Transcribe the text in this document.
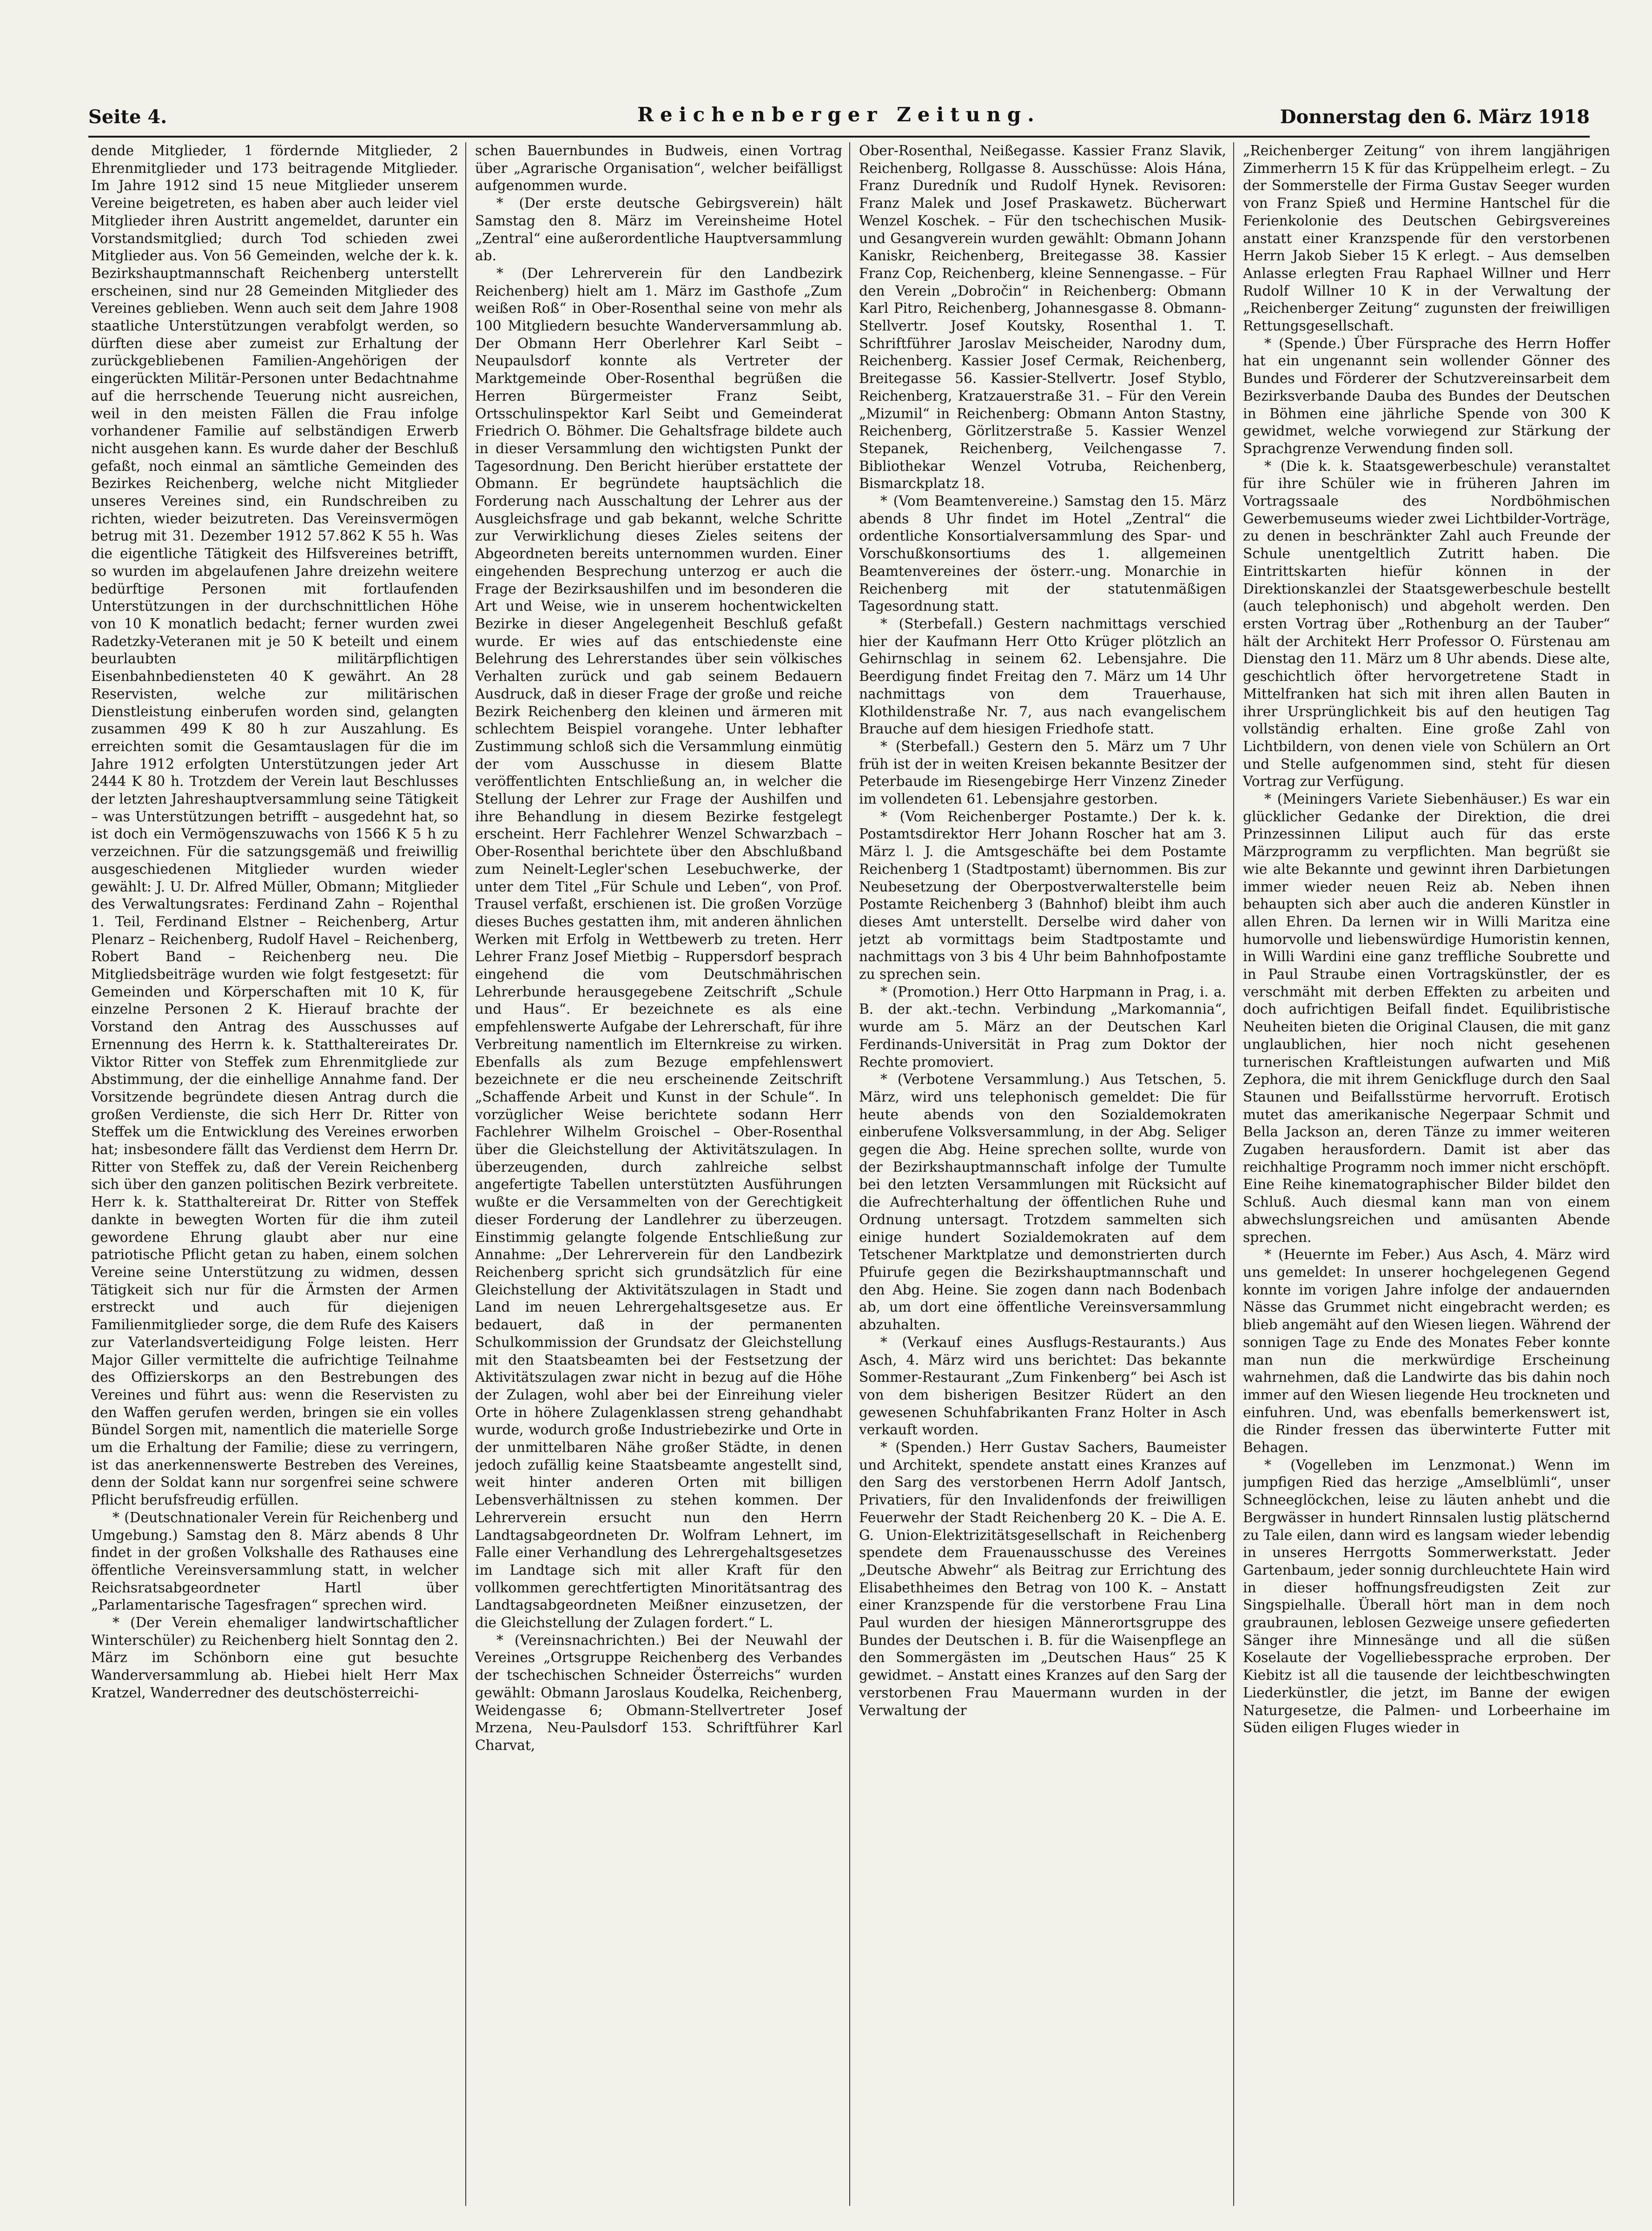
Seite 4.	Reichenberger Zeitung.	Donnerstag den 6. März 1918

dende Mitglieder, 1 fördernde Mitglieder, 2 Ehrenmitglieder und 173 beitragende Mitglieder. Im Jahre 1912 sind 15 neue Mitglieder unserem Vereine beigetreten, es haben aber auch leider viel Mitglieder ihren Austritt angemeldet, darunter ein Vorstandsmitglied; durch Tod schieden zwei Mitglieder aus. Von 56 Gemeinden, welche der k. k. Bezirkshauptmannschaft Reichenberg unterstellt erscheinen, sind nur 28 Gemeinden Mitglieder des Vereines geblieben. Wenn auch seit dem Jahre 1908 staatliche Unterstützungen verabfolgt werden, so dürften diese aber zumeist zur Erhaltung der zurückgebliebenen Familien-Angehörigen der eingerückten Militär-Personen unter Bedachtnahme auf die herrschende Teuerung nicht ausreichen, weil in den meisten Fällen die Frau infolge vorhandener Familie auf selbständigen Erwerb nicht ausgehen kann. Es wurde daher der Beschluß gefaßt, noch einmal an sämtliche Gemeinden des Bezirkes Reichenberg, welche nicht Mitglieder unseres Vereines sind, ein Rundschreiben zu richten, wieder beizutreten. Das Vereinsvermögen betrug mit 31. Dezember 1912 57.862 K 55 h. Was die eigentliche Tätigkeit des Hilfsvereines betrifft, so wurden im abgelaufenen Jahre dreizehn weitere bedürftige Personen mit fortlaufenden Unterstützungen in der durchschnittlichen Höhe von 10 K monatlich bedacht; ferner wurden zwei Radetzky-Veteranen mit je 50 K beteilt und einem beurlaubten militärpflichtigen Eisenbahnbediensteten 40 K gewährt. An 28 Reservisten, welche zur militärischen Dienstleistung einberufen worden sind, gelangten zusammen 499 K 80 h zur Auszahlung. Es erreichten somit die Gesamtauslagen für die im Jahre 1912 erfolgten Unterstützungen jeder Art 2444 K 80 h. Trotzdem der Verein laut Beschlusses der letzten Jahreshauptversammlung seine Tätigkeit – was Unterstützungen betrifft – ausgedehnt hat, so ist doch ein Vermögenszuwachs von 1566 K 5 h zu verzeichnen. Für die satzungsgemäß und freiwillig ausgeschiedenen Mitglieder wurden wieder gewählt: J. U. Dr. Alfred Müller, Obmann; Mitglieder des Verwaltungsrates: Ferdinand Zahn – Rojenthal 1. Teil, Ferdinand Elstner – Reichenberg, Artur Plenarz – Reichenberg, Rudolf Havel – Reichenberg, Robert Band – Reichenberg neu. Die Mitgliedsbeiträge wurden wie folgt festgesetzt: für Gemeinden und Körperschaften mit 10 K, für einzelne Personen 2 K. Hierauf brachte der Vorstand den Antrag des Ausschusses auf Ernennung des Herrn k. k. Statthaltereirates Dr. Viktor Ritter von Steffek zum Ehrenmitgliede zur Abstimmung, der die einhellige Annahme fand. Der Vorsitzende begründete diesen Antrag durch die großen Verdienste, die sich Herr Dr. Ritter von Steffek um die Entwicklung des Vereines erworben hat; insbesondere fällt das Verdienst dem Herrn Dr. Ritter von Steffek zu, daß der Verein Reichenberg sich über den ganzen politischen Bezirk verbreitete. Herr k. k. Statthaltereirat Dr. Ritter von Steffek dankte in bewegten Worten für die ihm zuteil gewordene Ehrung glaubt aber nur eine patriotische Pflicht getan zu haben, einem solchen Vereine seine Unterstützung zu widmen, dessen Tätigkeit sich nur für die Ärmsten der Armen erstreckt und auch für diejenigen Familienmitglieder sorge, die dem Rufe des Kaisers zur Vaterlandsverteidigung Folge leisten. Herr Major Giller vermittelte die aufrichtige Teilnahme des Offizierskorps an den Bestrebungen des Vereines und führt aus: wenn die Reservisten zu den Waffen gerufen werden, bringen sie ein volles Bündel Sorgen mit, namentlich die materielle Sorge um die Erhaltung der Familie; diese zu verringern, ist das anerkennenswerte Bestreben des Vereines, denn der Soldat kann nur sorgenfrei seine schwere Pflicht berufsfreudig erfüllen.

* (Deutschnationaler Verein für Reichenberg und Umgebung.) Samstag den 8. März abends 8 Uhr findet in der großen Volkshalle des Rathauses eine öffentliche Vereinsversammlung statt, in welcher Reichsratsabgeordneter Hartl über „Parlamentarische Tagesfragen“ sprechen wird.

* (Der Verein ehemaliger landwirtschaftlicher Winterschüler) zu Reichenberg hielt Sonntag den 2. März im Schönborn eine gut besuchte Wanderversammlung ab. Hiebei hielt Herr Max Kratzel, Wanderredner des deutschösterreichi-

schen Bauernbundes in Budweis, einen Vortrag über „Agrarische Organisation“, welcher beifälligst aufgenommen wurde.

* (Der erste deutsche Gebirgsverein) hält Samstag den 8. März im Vereinsheime Hotel „Zentral“ eine außerordentliche Hauptversammlung ab.

* (Der Lehrerverein für den Landbezirk Reichenberg) hielt am 1. März im Gasthofe „Zum weißen Roß“ in Ober-Rosenthal seine von mehr als 100 Mitgliedern besuchte Wanderversammlung ab. Der Obmann Herr Oberlehrer Karl Seibt – Neupaulsdorf konnte als Vertreter der Marktgemeinde Ober-Rosenthal begrüßen die Herren Bürgermeister Franz Seibt, Ortsschulinspektor Karl Seibt und Gemeinderat Friedrich O. Böhmer. Die Gehaltsfrage bildete auch in dieser Versammlung den wichtigsten Punkt der Tagesordnung. Den Bericht hierüber erstattete der Obmann. Er begründete hauptsächlich die Forderung nach Ausschaltung der Lehrer aus der Ausgleichsfrage und gab bekannt, welche Schritte zur Verwirklichung dieses Zieles seitens der Abgeordneten bereits unternommen wurden. Einer eingehenden Besprechung unterzog er auch die Frage der Bezirksaushilfen und im besonderen die Art und Weise, wie in unserem hochentwickelten Bezirke in dieser Angelegenheit Beschluß gefaßt wurde. Er wies auf das entschiedenste eine Belehrung des Lehrerstandes über sein völkisches Verhalten zurück und gab seinem Bedauern Ausdruck, daß in dieser Frage der große und reiche Bezirk Reichenberg den kleinen und ärmeren mit schlechtem Beispiel vorangehe. Unter lebhafter Zustimmung schloß sich die Versammlung einmütig der vom Ausschusse in diesem Blatte veröffentlichten Entschließung an, in welcher die Stellung der Lehrer zur Frage der Aushilfen und ihre Behandlung in diesem Bezirke festgelegt erscheint. Herr Fachlehrer Wenzel Schwarzbach – Ober-Rosenthal berichtete über den Abschlußband zum Neinelt-Legler'schen Lesebuchwerke, der unter dem Titel „Für Schule und Leben“, von Prof. Trausel verfaßt, erschienen ist. Die großen Vorzüge dieses Buches gestatten ihm, mit anderen ähnlichen Werken mit Erfolg in Wettbewerb zu treten. Herr Lehrer Franz Josef Mietbig – Ruppersdorf besprach eingehend die vom Deutschmährischen Lehrerbunde herausgegebene Zeitschrift „Schule und Haus“. Er bezeichnete es als eine empfehlenswerte Aufgabe der Lehrerschaft, für ihre Verbreitung namentlich im Elternkreise zu wirken. Ebenfalls als zum Bezuge empfehlenswert bezeichnete er die neu erscheinende Zeitschrift „Schaffende Arbeit und Kunst in der Schule“. In vorzüglicher Weise berichtete sodann Herr Fachlehrer Wilhelm Groischel – Ober-Rosenthal über die Gleichstellung der Aktivitätszulagen. In überzeugenden, durch zahlreiche selbst angefertigte Tabellen unterstützten Ausführungen wußte er die Versammelten von der Gerechtigkeit dieser Forderung der Landlehrer zu überzeugen. Einstimmig gelangte folgende Entschließung zur Annahme: „Der Lehrerverein für den Landbezirk Reichenberg spricht sich grundsätzlich für eine Gleichstellung der Aktivitätszulagen in Stadt und Land im neuen Lehrergehaltsgesetze aus. Er bedauert, daß in der permanenten Schulkommission der Grundsatz der Gleichstellung mit den Staatsbeamten bei der Festsetzung der Aktivitätszulagen zwar nicht in bezug auf die Höhe der Zulagen, wohl aber bei der Einreihung vieler Orte in höhere Zulagenklassen streng gehandhabt wurde, wodurch große Industriebezirke und Orte in der unmittelbaren Nähe großer Städte, in denen jedoch zufällig keine Staatsbeamte angestellt sind, weit hinter anderen Orten mit billigen Lebensverhältnissen zu stehen kommen. Der Lehrerverein ersucht nun den Herrn Landtagsabgeordneten Dr. Wolfram Lehnert, im Falle einer Verhandlung des Lehrergehaltsgesetzes im Landtage sich mit aller Kraft für den vollkommen gerechtfertigten Minoritätsantrag des Landtagsabgeordneten Meißner einzusetzen, der die Gleichstellung der Zulagen fordert.“ L.

* (Vereinsnachrichten.) Bei der Neuwahl der Vereines „Ortsgruppe Reichenberg des Verbandes der tschechischen Schneider Österreichs“ wurden gewählt: Obmann Jaroslaus Koudelka, Reichenberg, Weidengasse 6; Obmann-Stellvertreter Josef Mrzena, Neu-Paulsdorf 153. Schriftführer Karl Charvat,

Ober-Rosenthal, Neißegasse. Kassier Franz Slavik, Reichenberg, Rollgasse 8. Ausschüsse: Alois Hána, Franz Duredník und Rudolf Hynek. Revisoren: Franz Malek und Josef Praskawetz. Bücherwart Wenzel Koschek. – Für den tschechischen Musik- und Gesangverein wurden gewählt: Obmann Johann Kaniskr, Reichenberg, Breitegasse 38. Kassier Franz Cop, Reichenberg, kleine Sennengasse. – Für den Verein „Dobročin“ in Reichenberg: Obmann Karl Pitro, Reichenberg, Johannesgasse 8. Obmann-Stellvertr. Josef Koutsky, Rosenthal 1. T. Schriftführer Jaroslav Meischeider, Narodny dum, Reichenberg. Kassier Josef Cermak, Reichenberg, Breitegasse 56. Kassier-Stellvertr. Josef Styblo, Reichenberg, Kratzauerstraße 31. – Für den Verein „Mizumil“ in Reichenberg: Obmann Anton Stastny, Reichenberg, Görlitzerstraße 5. Kassier Wenzel Stepanek, Reichenberg, Veilchengasse 7. Bibliothekar Wenzel Votruba, Reichenberg, Bismarckplatz 18.

* (Vom Beamtenvereine.) Samstag den 15. März abends 8 Uhr findet im Hotel „Zentral“ die ordentliche Konsortialversammlung des Spar- und Vorschußkonsortiums des 1. allgemeinen Beamtenvereines der österr.-ung. Monarchie in Reichenberg mit der statutenmäßigen Tagesordnung statt.

* (Sterbefall.) Gestern nachmittags verschied hier der Kaufmann Herr Otto Krüger plötzlich an Gehirnschlag in seinem 62. Lebensjahre. Die Beerdigung findet Freitag den 7. März um 14 Uhr nachmittags von dem Trauerhause, Klothildenstraße Nr. 7, aus nach evangelischem Brauche auf dem hiesigen Friedhofe statt.

* (Sterbefall.) Gestern den 5. März um 7 Uhr früh ist der in weiten Kreisen bekannte Besitzer der Peterbaude im Riesengebirge Herr Vinzenz Zineder im vollendeten 61. Lebensjahre gestorben.

* (Vom Reichenberger Postamte.) Der k. k. Postamtsdirektor Herr Johann Roscher hat am 3. März l. J. die Amtsgeschäfte bei dem Postamte Reichenberg 1 (Stadtpostamt) übernommen. Bis zur Neubesetzung der Oberpostverwalterstelle beim Postamte Reichenberg 3 (Bahnhof) bleibt ihm auch dieses Amt unterstellt. Derselbe wird daher von jetzt ab vormittags beim Stadtpostamte und nachmittags von 3 bis 4 Uhr beim Bahnhofpostamte zu sprechen sein.

* (Promotion.) Herr Otto Harpmann in Prag, i. a. B. der akt.-techn. Verbindung „Markomannia“, wurde am 5. März an der Deutschen Karl Ferdinands-Universität in Prag zum Doktor der Rechte promoviert.

* (Verbotene Versammlung.) Aus Tetschen, 5. März, wird uns telephonisch gemeldet: Die für heute abends von den Sozialdemokraten einberufene Volksversammlung, in der Abg. Seliger gegen die Abg. Heine sprechen sollte, wurde von der Bezirkshauptmannschaft infolge der Tumulte bei den letzten Versammlungen mit Rücksicht auf die Aufrechterhaltung der öffentlichen Ruhe und Ordnung untersagt. Trotzdem sammelten sich einige hundert Sozialdemokraten auf dem Tetschener Marktplatze und demonstrierten durch Pfuirufe gegen die Bezirkshauptmannschaft und den Abg. Heine. Sie zogen dann nach Bodenbach ab, um dort eine öffentliche Vereinsversammlung abzuhalten.

* (Verkauf eines Ausflugs-Restaurants.) Aus Asch, 4. März wird uns berichtet: Das bekannte Sommer-Restaurant „Zum Finkenberg“ bei Asch ist von dem bisherigen Besitzer Rüdert an den gewesenen Schuhfabrikanten Franz Holter in Asch verkauft worden.

* (Spenden.) Herr Gustav Sachers, Baumeister und Architekt, spendete anstatt eines Kranzes auf den Sarg des verstorbenen Herrn Adolf Jantsch, Privatiers, für den Invalidenfonds der freiwilligen Feuerwehr der Stadt Reichenberg 20 K. – Die A. E. G. Union-Elektrizitätsgesellschaft in Reichenberg spendete dem Frauenausschusse des Vereines „Deutsche Abwehr“ als Beitrag zur Errichtung des Elisabethheimes den Betrag von 100 K. – Anstatt einer Kranzspende für die verstorbene Frau Lina Paul wurden der hiesigen Männerortsgruppe des Bundes der Deutschen i. B. für die Waisenpflege an den Sommergästen im „Deutschen Haus“ 25 K gewidmet. – Anstatt eines Kranzes auf den Sarg der verstorbenen Frau Mauermann wurden in der Verwaltung der

„Reichenberger Zeitung“ von ihrem langjährigen Zimmerherrn 15 K für das Krüppelheim erlegt. – Zu der Sommerstelle der Firma Gustav Seeger wurden von Franz Spieß und Hermine Hantschel für die Ferienkolonie des Deutschen Gebirgsvereines anstatt einer Kranzspende für den verstorbenen Herrn Jakob Sieber 15 K erlegt. – Aus demselben Anlasse erlegten Frau Raphael Willner und Herr Rudolf Willner 10 K in der Verwaltung der „Reichenberger Zeitung“ zugunsten der freiwilligen Rettungsgesellschaft.

* (Spende.) Über Fürsprache des Herrn Hoffer hat ein ungenannt sein wollender Gönner des Bundes und Förderer der Schutzvereinsarbeit dem Bezirksverbande Dauba des Bundes der Deutschen in Böhmen eine jährliche Spende von 300 K gewidmet, welche vorwiegend zur Stärkung der Sprachgrenze Verwendung finden soll.

* (Die k. k. Staatsgewerbeschule) veranstaltet für ihre Schüler wie in früheren Jahren im Vortragssaale des Nordböhmischen Gewerbemuseums wieder zwei Lichtbilder-Vorträge, zu denen in beschränkter Zahl auch Freunde der Schule unentgeltlich Zutritt haben. Die Eintrittskarten hiefür können in der Direktionskanzlei der Staatsgewerbeschule bestellt (auch telephonisch) und abgeholt werden. Den ersten Vortrag über „Rothenburg an der Tauber“ hält der Architekt Herr Professor O. Fürstenau am Dienstag den 11. März um 8 Uhr abends. Diese alte, geschichtlich öfter hervorgetretene Stadt in Mittelfranken hat sich mit ihren allen Bauten in ihrer Ursprünglichkeit bis auf den heutigen Tag vollständig erhalten. Eine große Zahl von Lichtbildern, von denen viele von Schülern an Ort und Stelle aufgenommen sind, steht für diesen Vortrag zur Verfügung.

* (Meiningers Variete Siebenhäuser.) Es war ein glücklicher Gedanke der Direktion, die drei Prinzessinnen Liliput auch für das erste Märzprogramm zu verpflichten. Man begrüßt sie wie alte Bekannte und gewinnt ihren Darbietungen immer wieder neuen Reiz ab. Neben ihnen behaupten sich aber auch die anderen Künstler in allen Ehren. Da lernen wir in Willi Maritza eine humorvolle und liebenswürdige Humoristin kennen, in Willi Wardini eine ganz treffliche Soubrette und in Paul Straube einen Vortragskünstler, der es verschmäht mit derben Effekten zu arbeiten und doch aufrichtigen Beifall findet. Equilibristische Neuheiten bieten die Original Clausen, die mit ganz unglaublichen, hier noch nicht gesehenen turnerischen Kraftleistungen aufwarten und Miß Zephora, die mit ihrem Genickfluge durch den Saal Staunen und Beifallsstürme hervorruft. Erotisch mutet das amerikanische Negerpaar Schmit und Bella Jackson an, deren Tänze zu immer weiteren Zugaben herausfordern. Damit ist aber das reichhaltige Programm noch immer nicht erschöpft. Eine Reihe kinematographischer Bilder bildet den Schluß. Auch diesmal kann man von einem abwechslungsreichen und amüsanten Abende sprechen.

* (Heuernte im Feber.) Aus Asch, 4. März wird uns gemeldet: In unserer hochgelegenen Gegend konnte im vorigen Jahre infolge der andauernden Nässe das Grummet nicht eingebracht werden; es blieb angemäht auf den Wiesen liegen. Während der sonnigen Tage zu Ende des Monates Feber konnte man nun die merkwürdige Erscheinung wahrnehmen, daß die Landwirte das bis dahin noch immer auf den Wiesen liegende Heu trockneten und einfuhren. Und, was ebenfalls bemerkenswert ist, die Rinder fressen das überwinterte Futter mit Behagen.

* (Vogelleben im Lenzmonat.) Wenn im jumpfigen Ried das herzige „Amselblümli“, unser Schneeglöckchen, leise zu läuten anhebt und die Bergwässer in hundert Rinnsalen lustig plätschernd zu Tale eilen, dann wird es langsam wieder lebendig in unseres Herrgotts Sommerwerkstatt. Jeder Gartenbaum, jeder sonnig durchleuchtete Hain wird in dieser hoffnungsfreudigsten Zeit zur Singspielhalle. Überall hört man in dem noch graubraunen, leblosen Gezweige unsere gefiederten Sänger ihre Minnesänge und all die süßen Koselaute der Vogelliebessprache erproben. Der Kiebitz ist all die tausende der leichtbeschwingten Liederkünstler, die jetzt, im Banne der ewigen Naturgesetze, die Palmen- und Lorbeerhaine im Süden eiligen Fluges wieder in
